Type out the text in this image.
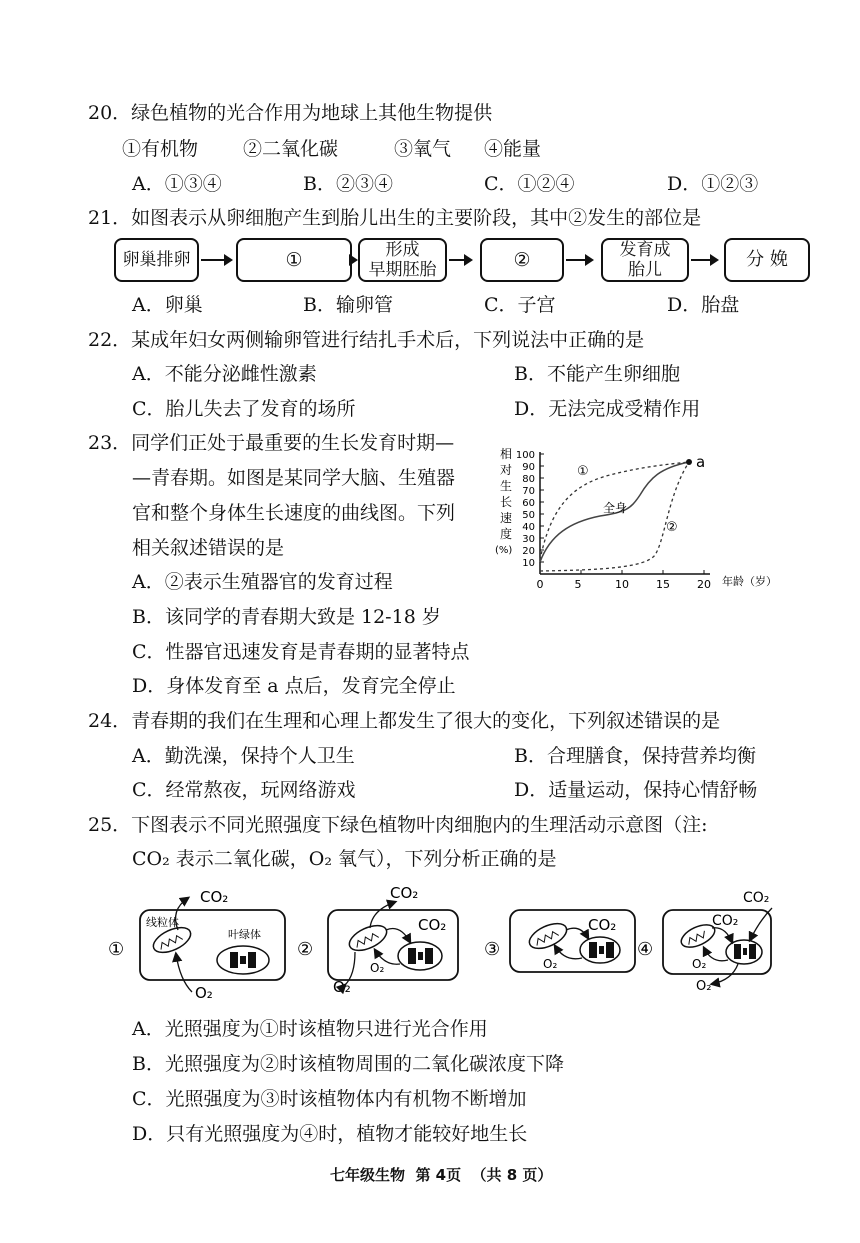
20．绿色植物的光合作用为地球上其他生物提供
①有机物 ②二氧化碳	③氧气 ④能量
A．①③④	B．②③④	C．①②④	D．①②③
21．如图表示从卵细胞产生到胎儿出生的主要阶段，其中②发生的部位是
卵巢排卵	①	形成
早期胚胎	②	发育成
胎儿	分 娩
A．卵巢	B．输卵管	C．子宫	D．胎盘
22．某成年妇女两侧输卵管进行结扎手术后，下列说法中正确的是
A．不能分泌雌性激素	B．不能产生卵细胞
C．胎儿失去了发育的场所	D．无法完成受精作用
23．同学们正处于最重要的生长发育时期—
—青春期。如图是某同学大脑、生殖器
官和整个身体生长速度的曲线图。下列
相关叙述错误的是
A．②表示生殖器官的发育过程
B．该同学的青春期大致是 12-18 岁
C．性器官迅速发育是青春期的显著特点
D．身体发育至 a 点后，发育完全停止
相
对
生
长
速
度
(%)
100
90
80
70
60
50
40
30
20
10
0	5	10 15 20 年龄（岁）
a
①
全身
②
24．青春期的我们在生理和心理上都发生了很大的变化，下列叙述错误的是
A．勤洗澡，保持个人卫生	B．合理膳食，保持营养均衡
C．经常熬夜，玩网络游戏	D．适量运动，保持心情舒畅
25．下图表示不同光照强度下绿色植物叶肉细胞内的生理活动示意图（注:
CO₂ 表示二氧化碳，O₂ 氧气），下列分析正确的是
①
线粒体
叶绿体
CO₂
O₂
②
CO₂
CO₂
O₂
O₂
③
CO₂
O₂
④
CO₂
CO₂
O₂
O₂
A．光照强度为①时该植物只进行光合作用
B．光照强度为②时该植物周围的二氧化碳浓度下降
C．光照强度为③时该植物体内有机物不断增加
D．只有光照强度为④时，植物才能较好地生长
七年级生物  第 4页  （共 8 页）
